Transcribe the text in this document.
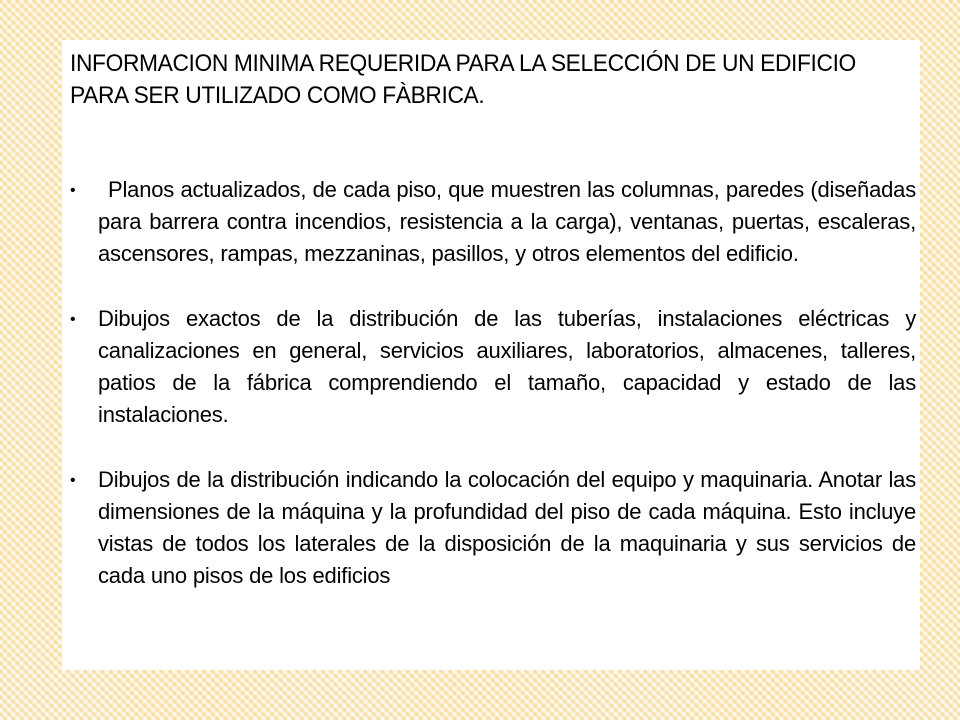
INFORMACION MINIMA REQUERIDA PARA LA SELECCIÓN DE UN EDIFICIO
PARA SER UTILIZADO COMO FÀBRICA.
•	Planos actualizados, de cada piso, que muestren las columnas, paredes (diseñadas para barrera contra incendios, resistencia a la carga), ventanas, puertas, escaleras, ascensores, rampas, mezzaninas, pasillos, y otros elementos del edificio.
• Dibujos exactos de la distribución de las tuberías, instalaciones eléctricas y canalizaciones en general, servicios auxiliares, laboratorios, almacenes, talleres, patios de la fábrica comprendiendo el tamaño, capacidad y estado de las instalaciones.
• Dibujos de la distribución indicando la colocación del equipo y maquinaria. Anotar las dimensiones de la máquina y la profundidad del piso de cada máquina. Esto incluye vistas de todos los laterales de la disposición de la maquinaria y sus servicios de cada uno pisos de los edificios
